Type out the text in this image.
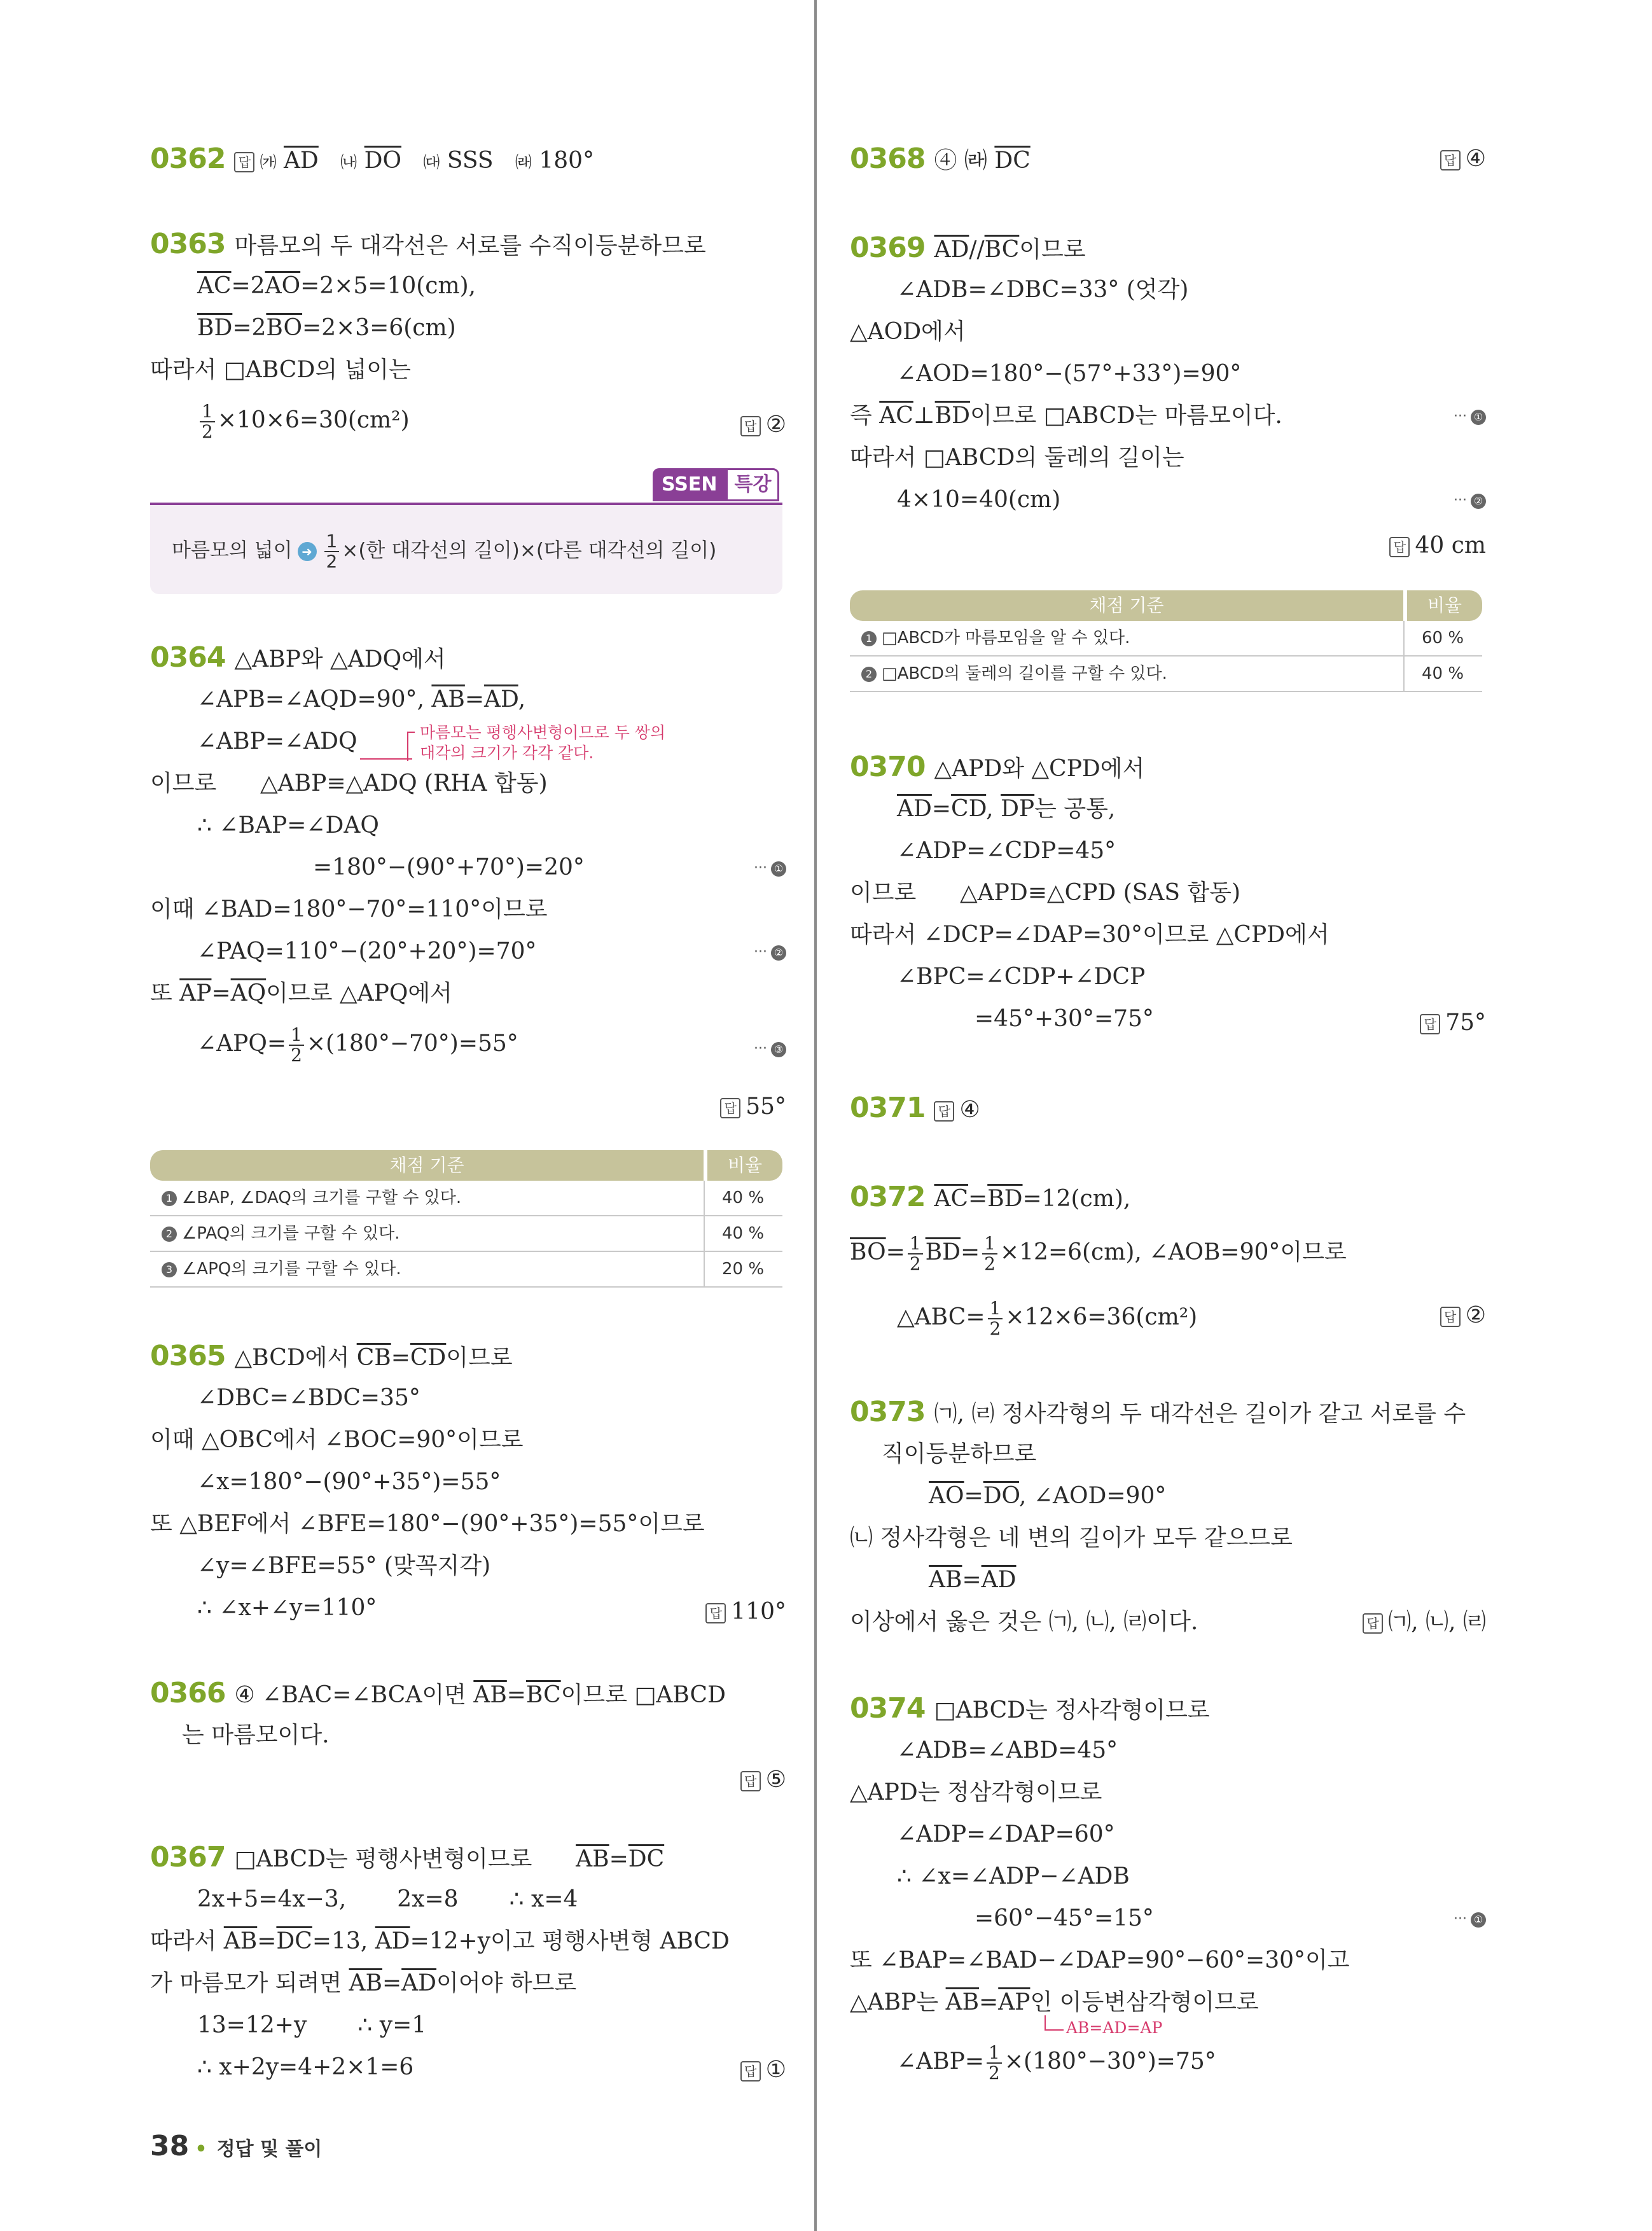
0362 답 ㈎ $\overline{AD}$ ㈏ $\overline{DO}$ ㈐ SSS ㈑ 180°
0363 마름모의 두 대각선은 서로를 수직이등분하므로
$\overline{AC}=2\overline{AO}=2\times 5=10(cm)$,
$\overline{BD}=2\overline{BO}=2\times 3=6(cm)$
따라서 □ABCD의 넓이는
$\frac{1}{2} \times 10\times 6=30(cm^2)$	답 ②
SSEN 특강
마름모의 넓이 ➜ $\frac{1}{2}$ ×(한 대각선의 길이)×(다른 대각선의 길이)
0364 △ABP와 △ADQ에서
∠APB=∠AQD=90°, $\overline{AB}=\overline{AD}$,
∠ABP=∠ADQ	마름모는 평행사변형이므로 두 쌍의
대각의 크기가 각각 같다.
이므로 △ABP≡△ADQ (RHA 합동)
∴ ∠BAP=∠DAQ
=180°−(90°+70°)=20°	··· ①
이때 ∠BAD=180°−70°=110°이므로
∠PAQ=110°−(20°+20°)=70°	··· ②
또 $\overline{AP}=\overline{AQ}$이므로 △APQ에서
∠APQ= $\frac{1}{2} \times(180^\circ-70^\circ)=55^\circ$	··· ③
답 55°
채점 기준	비율
1 ∠BAP, ∠DAQ의 크기를 구할 수 있다.	40 %
2 ∠PAQ의 크기를 구할 수 있다.	40 %
3 ∠APQ의 크기를 구할 수 있다.	20 %
0365 △BCD에서 $\overline{CB}=\overline{CD}$이므로
∠DBC=∠BDC=35°
이때 △OBC에서 ∠BOC=90°이므로
∠x=180°−(90°+35°)=55°
또 △BEF에서 ∠BFE=180°−(90°+35°)=55°이므로
∠y=∠BFE=55° (맞꼭지각)
∴ ∠x+∠y=110°	답 110°
0366 ④ ∠BAC=∠BCA이면 $\overline{AB}=\overline{BC}$이므로 □ABCD
는 마름모이다.
답 ⑤
0367 □ABCD는 평행사변형이므로 $\overline{AB}=\overline{DC}$
2x+5=4x−3, 2x=8 ∴ x=4
따라서 $\overline{AB}=\overline{DC}=13$, $\overline{AD}=12+y$이고 평행사변형 ABCD
가 마름모가 되려면 $\overline{AB}=\overline{AD}$이어야 하므로
13=12+y ∴ y=1
∴ x+2y=4+2×1=6	답 ①
0368 ④ ㈑ $\overline{DC}$	답 ④
0369 $\overline{AD}//\overline{BC}$이므로
∠ADB=∠DBC=33° (엇각)
△AOD에서
∠AOD=180°−(57°+33°)=90°
즉 $\overline{AC}\perp\overline{BD}$이므로 □ABCD는 마름모이다.	··· ①
따라서 □ABCD의 둘레의 길이는
4×10=40(cm)	··· ②
답 40 cm
채점 기준	비율
1 □ABCD가 마름모임을 알 수 있다.	60 %
2 □ABCD의 둘레의 길이를 구할 수 있다.	40 %
0370 △APD와 △CPD에서
$\overline{AD}=\overline{CD}$, $\overline{DP}$는 공통,
∠ADP=∠CDP=45°
이므로 △APD≡△CPD (SAS 합동)
따라서 ∠DCP=∠DAP=30°이므로 △CPD에서
∠BPC=∠CDP+∠DCP
=45°+30°=75°	답 75°
0371 답 ④
0372 $\overline{AC}=\overline{BD}=12(cm)$,
$\overline{BO}= \frac{1}{2} \overline{BD}= \frac{1}{2} \times 12=6(cm)$, ∠AOB=90°이므로
△ABC= $\frac{1}{2} \times 12\times 6=36(cm^2)$	답 ②
0373 ㈀, ㈃ 정사각형의 두 대각선은 길이가 같고 서로를 수
직이등분하므로
$\overline{AO}=\overline{DO}$, ∠AOD=90°
㈁ 정사각형은 네 변의 길이가 모두 같으므로
$\overline{AB}=\overline{AD}$
이상에서 옳은 것은 ㈀, ㈁, ㈃이다.	답 ㈀, ㈁, ㈃
0374 □ABCD는 정사각형이므로
∠ADB=∠ABD=45°
△APD는 정삼각형이므로
∠ADP=∠DAP=60°
∴ ∠x=∠ADP−∠ADB
=60°−45°=15°	··· ①
또 ∠BAP=∠BAD−∠DAP=90°−60°=30°이고
△ABP는 $\overline{AB}=\overline{AP}$인 이등변삼각형이므로
AB=AD=AP
∠ABP= $\frac{1}{2} \times(180^\circ-30^\circ)=75^\circ$
38 • 정답 및 풀이
